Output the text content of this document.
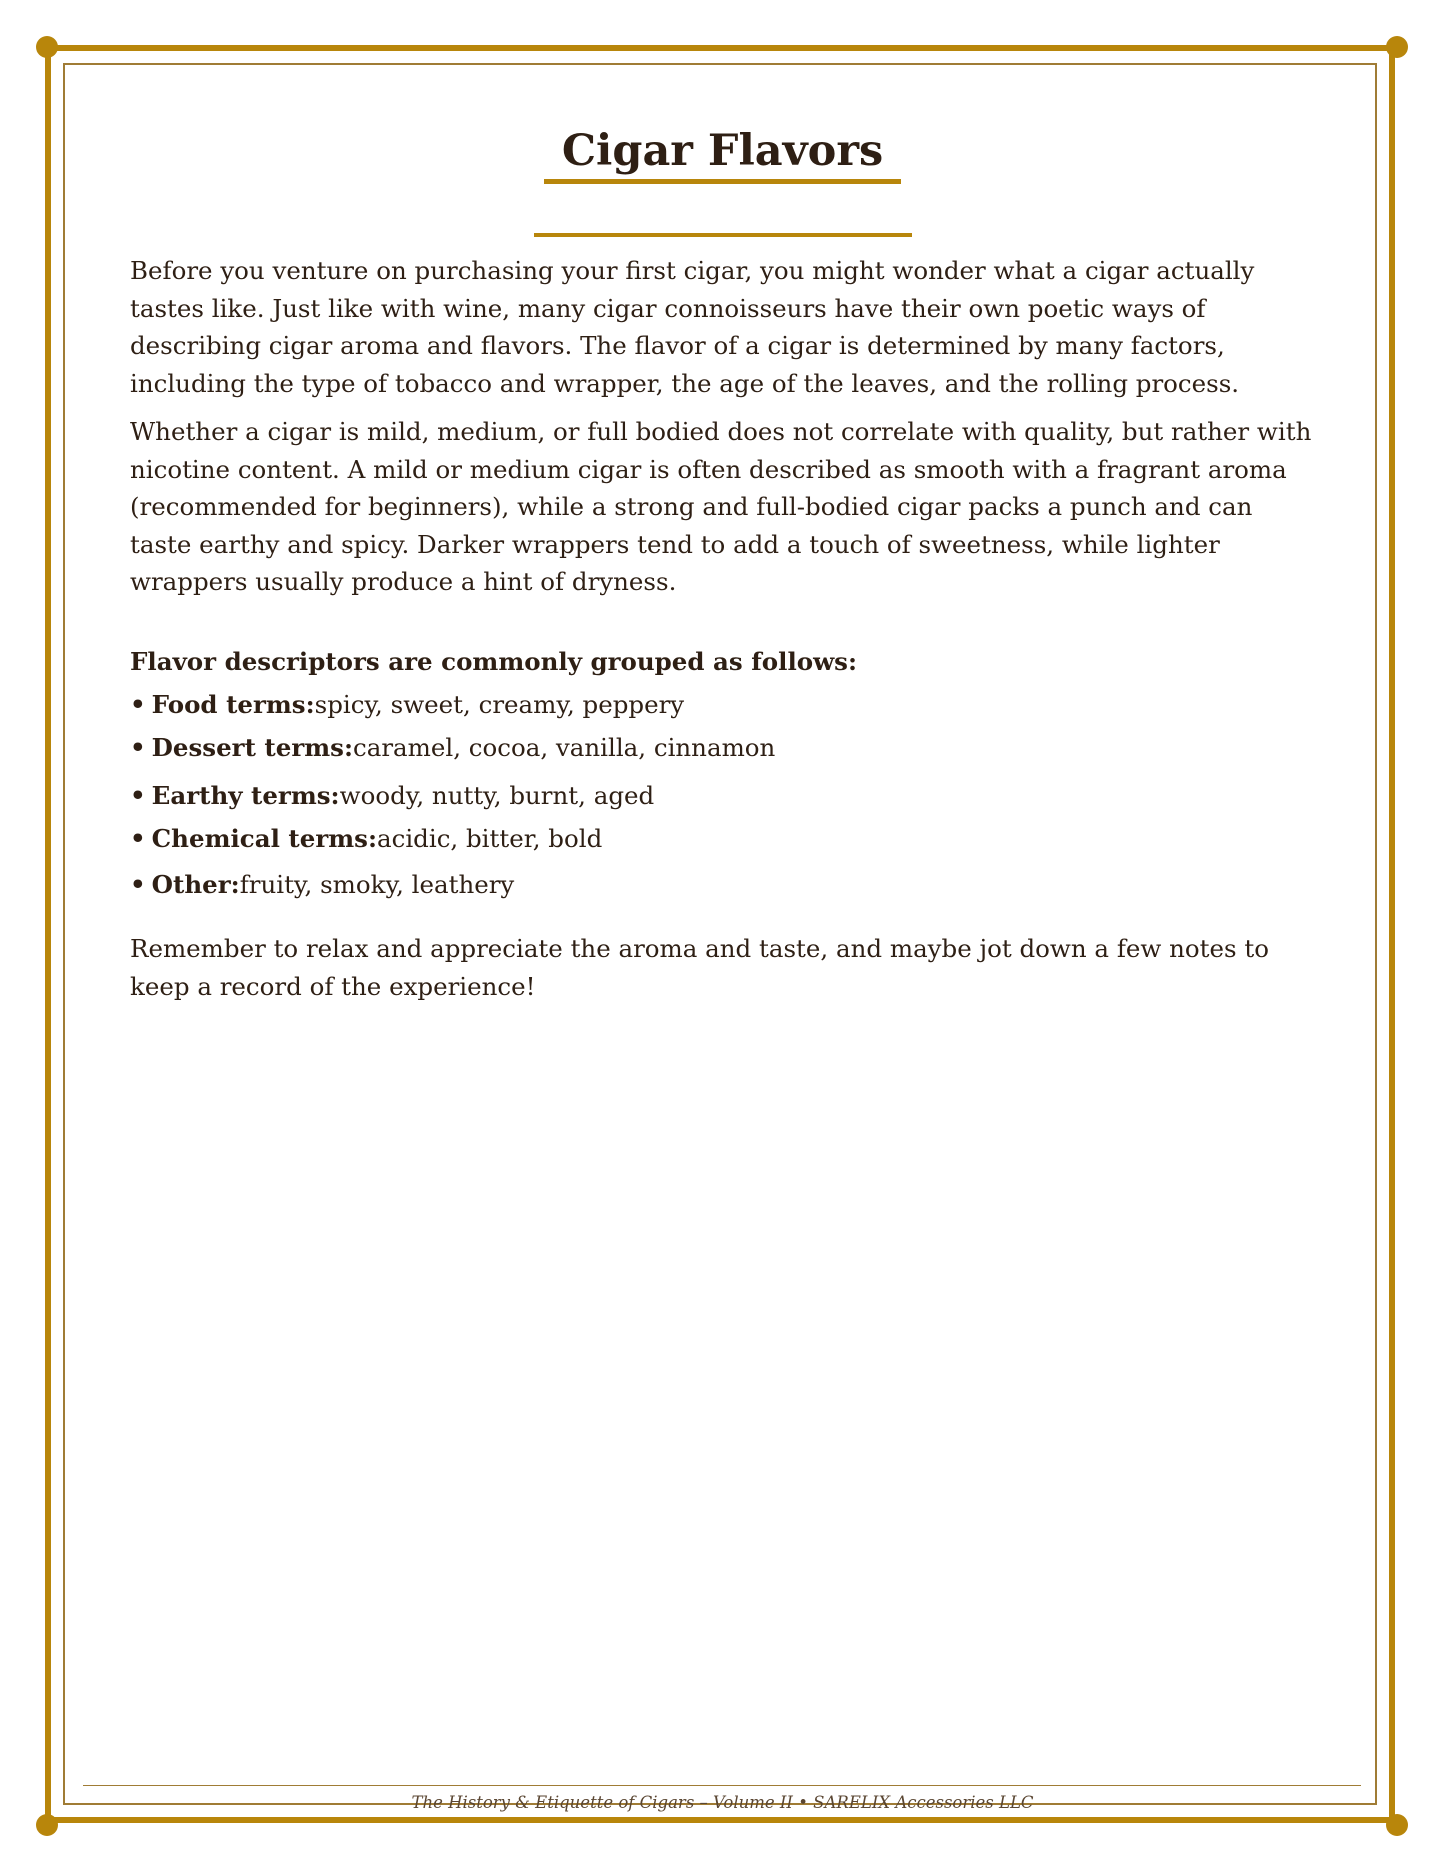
Cigar Flavors

Before you venture on purchasing your first cigar, you might wonder what a cigar actually tastes like. Just like with wine, many cigar connoisseurs have their own poetic ways of describing cigar aroma and flavors. The flavor of a cigar is determined by many factors, including the type of tobacco and wrapper, the age of the leaves, and the rolling process.

Whether a cigar is mild, medium, or full bodied does not correlate with quality, but rather with nicotine content. A mild or medium cigar is often described as smooth with a fragrant aroma (recommended for beginners), while a strong and full-bodied cigar packs a punch and can taste earthy and spicy. Darker wrappers tend to add a touch of sweetness, while lighter wrappers usually produce a hint of dryness.

Flavor descriptors are commonly grouped as follows:

• Food terms:spicy, sweet, creamy, peppery
• Dessert terms:caramel, cocoa, vanilla, cinnamon
• Earthy terms:woody, nutty, burnt, aged
• Chemical terms:acidic, bitter, bold
• Other:fruity, smoky, leathery

Remember to relax and appreciate the aroma and taste, and maybe jot down a few notes to keep a record of the experience!

The History & Etiquette of Cigars – Volume II • SARELIX Accessories LLC
